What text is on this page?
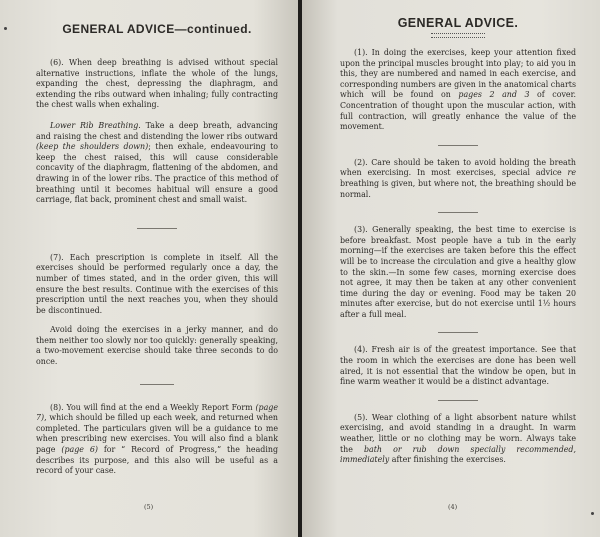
GENERAL ADVICE—continued.

(6). When deep breathing is advised without special alternative instructions, inflate the whole of the lungs, expanding the chest, depressing the diaphragm, and extending the ribs outward when inhaling; fully contracting the chest walls when exhaling.

Lower Rib Breathing. Take a deep breath, advancing and raising the chest and distending the lower ribs outward (keep the shoulders down); then exhale, endeavouring to keep the chest raised, this will cause considerable concavity of the diaphragm, flattening of the abdomen, and drawing in of the lower ribs. The practice of this method of breathing until it becomes habitual will ensure a good carriage, flat back, prominent chest and small waist.

(7). Each prescription is complete in itself. All the exercises should be performed regularly once a day, the number of times stated, and in the order given, this will ensure the best results. Continue with the exercises of this prescription until the next reaches you, when they should be discontinued.

Avoid doing the exercises in a jerky manner, and do them neither too slowly nor too quickly: generally speaking, a two-movement exercise should take three seconds to do once.

(8). You will find at the end a Weekly Report Form (page 7), which should be filled up each week, and returned when completed. The particulars given will be a guidance to me when prescribing new exercises. You will also find a blank page (page 6) for “ Record of Progress,” the heading describes its purpose, and this also will be useful as a record of your case.

(5)
GENERAL ADVICE.

(1). In doing the exercises, keep your attention fixed upon the principal muscles brought into play; to aid you in this, they are numbered and named in each exercise, and corresponding numbers are given in the anatomical charts which will be found on pages 2 and 3 of cover. Concentration of thought upon the muscular action, with full contraction, will greatly enhance the value of the movement.

(2). Care should be taken to avoid holding the breath when exercising. In most exercises, special advice re breathing is given, but where not, the breathing should be normal.

(3). Generally speaking, the best time to exercise is before breakfast. Most people have a tub in the early morning—if the exercises are taken before this the effect will be to increase the circulation and give a healthy glow to the skin.—In some few cases, morning exercise does not agree, it may then be taken at any other convenient time during the day or evening. Food may be taken 20 minutes after exercise, but do not exercise until 1½ hours after a full meal.

(4). Fresh air is of the greatest importance. See that the room in which the exercises are done has been well aired, it is not essential that the window be open, but in fine warm weather it would be a distinct advantage.

(5). Wear clothing of a light absorbent nature whilst exercising, and avoid standing in a draught. In warm weather, little or no clothing may be worn. Always take the bath or rub down specially recommended, immediately after finishing the exercises.

(4)
